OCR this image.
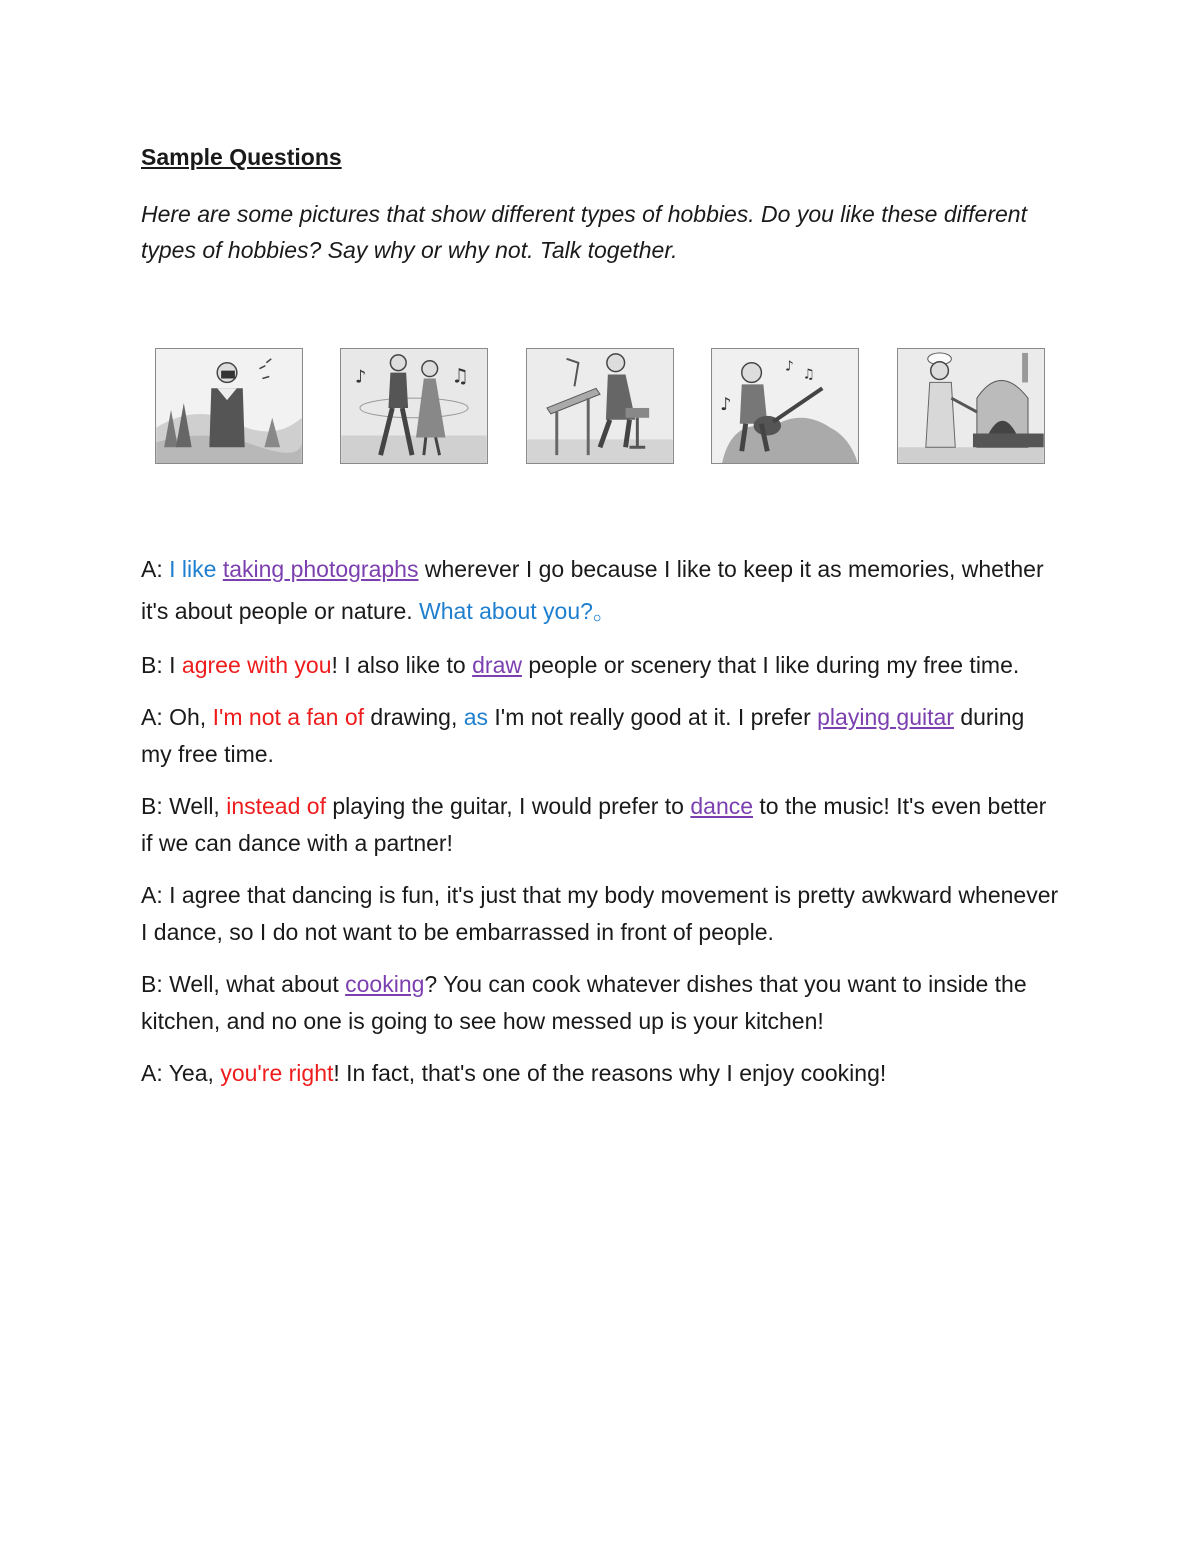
Sample Questions

Here are some pictures that show different types of hobbies. Do you like these different types of hobbies? Say why or why not. Talk together.

♪	♫
♪
♪ ♫

A: I like taking photographs wherever I go because I like to keep it as memories, whether it's about people or nature. What about you?。

B: I agree with you! I also like to draw people or scenery that I like during my free time.

A: Oh, I'm not a fan of drawing, as I'm not really good at it. I prefer playing guitar during my free time.

B: Well, instead of playing the guitar, I would prefer to dance to the music! It's even better if we can dance with a partner!

A: I agree that dancing is fun, it's just that my body movement is pretty awkward whenever I dance, so I do not want to be embarrassed in front of people.

B: Well, what about cooking? You can cook whatever dishes that you want to inside the kitchen, and no one is going to see how messed up is your kitchen!

A: Yea, you're right! In fact, that's one of the reasons why I enjoy cooking!
